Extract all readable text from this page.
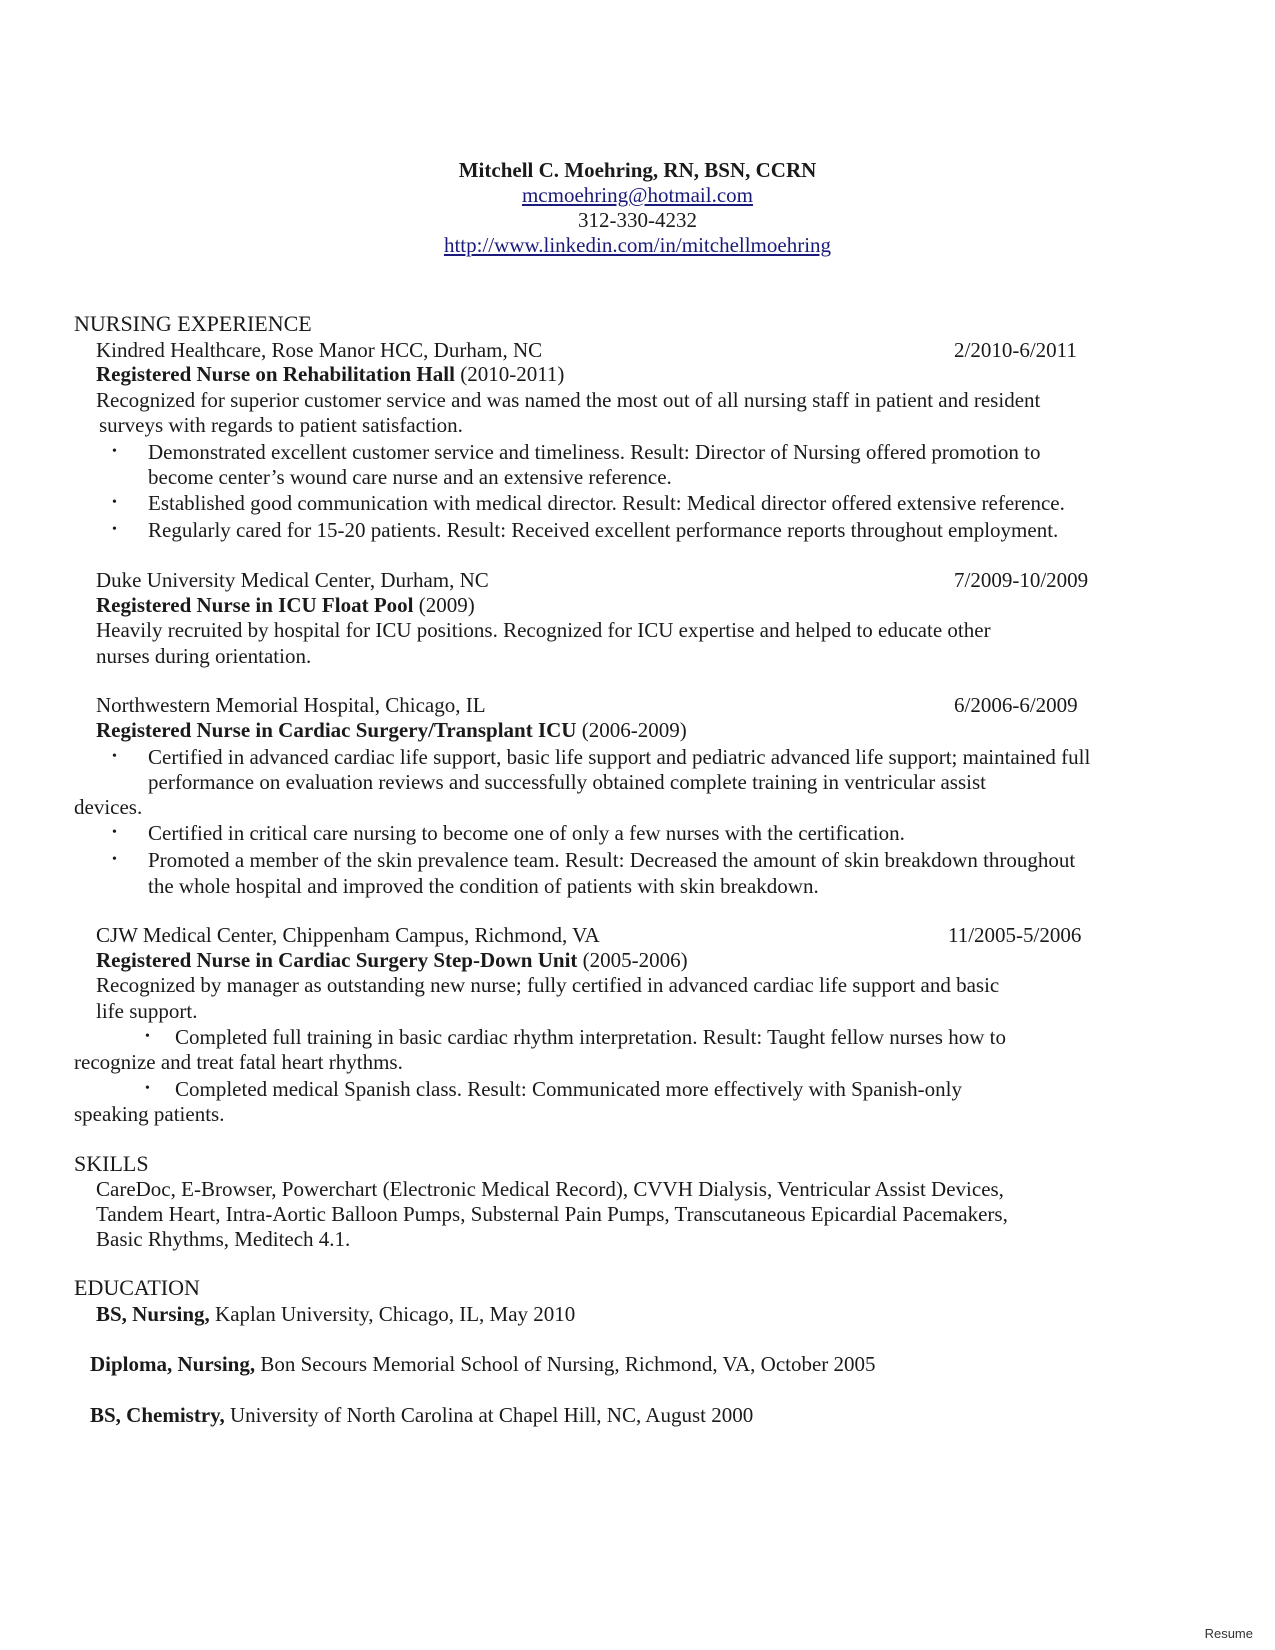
Mitchell C. Moehring, RN, BSN, CCRN
mcmoehring@hotmail.com
312-330-4232
http://www.linkedin.com/in/mitchellmoehring
NURSING EXPERIENCE
Kindred Healthcare, Rose Manor HCC, Durham, NC	2/2010-6/2011
Registered Nurse on Rehabilitation Hall (2010-2011)
Recognized for superior customer service and was named the most out of all nursing staff in patient and resident
surveys with regards to patient satisfaction.
• Demonstrated excellent customer service and timeliness. Result: Director of Nursing offered promotion to
become center’s wound care nurse and an extensive reference.
• Established good communication with medical director. Result: Medical director offered extensive reference.
• Regularly cared for 15-20 patients. Result: Received excellent performance reports throughout employment.
Duke University Medical Center, Durham, NC	7/2009-10/2009
Registered Nurse in ICU Float Pool (2009)
Heavily recruited by hospital for ICU positions. Recognized for ICU expertise and helped to educate other
nurses during orientation.
Northwestern Memorial Hospital, Chicago, IL	6/2006-6/2009
Registered Nurse in Cardiac Surgery/Transplant ICU (2006-2009)
• Certified in advanced cardiac life support, basic life support and pediatric advanced life support; maintained full
performance on evaluation reviews and successfully obtained complete training in ventricular assist
devices.
• Certified in critical care nursing to become one of only a few nurses with the certification.
• Promoted a member of the skin prevalence team. Result: Decreased the amount of skin breakdown throughout
the whole hospital and improved the condition of patients with skin breakdown.
CJW Medical Center, Chippenham Campus, Richmond, VA	11/2005-5/2006
Registered Nurse in Cardiac Surgery Step-Down Unit (2005-2006)
Recognized by manager as outstanding new nurse; fully certified in advanced cardiac life support and basic
life support.
• Completed full training in basic cardiac rhythm interpretation. Result: Taught fellow nurses how to
recognize and treat fatal heart rhythms.
• Completed medical Spanish class. Result: Communicated more effectively with Spanish-only
speaking patients.
SKILLS
CareDoc, E-Browser, Powerchart (Electronic Medical Record), CVVH Dialysis, Ventricular Assist Devices,
Tandem Heart, Intra-Aortic Balloon Pumps, Substernal Pain Pumps, Transcutaneous Epicardial Pacemakers,
Basic Rhythms, Meditech 4.1.
EDUCATION
BS, Nursing, Kaplan University, Chicago, IL, May 2010
Diploma, Nursing, Bon Secours Memorial School of Nursing, Richmond, VA, October 2005
BS, Chemistry, University of North Carolina at Chapel Hill, NC, August 2000
Resume
